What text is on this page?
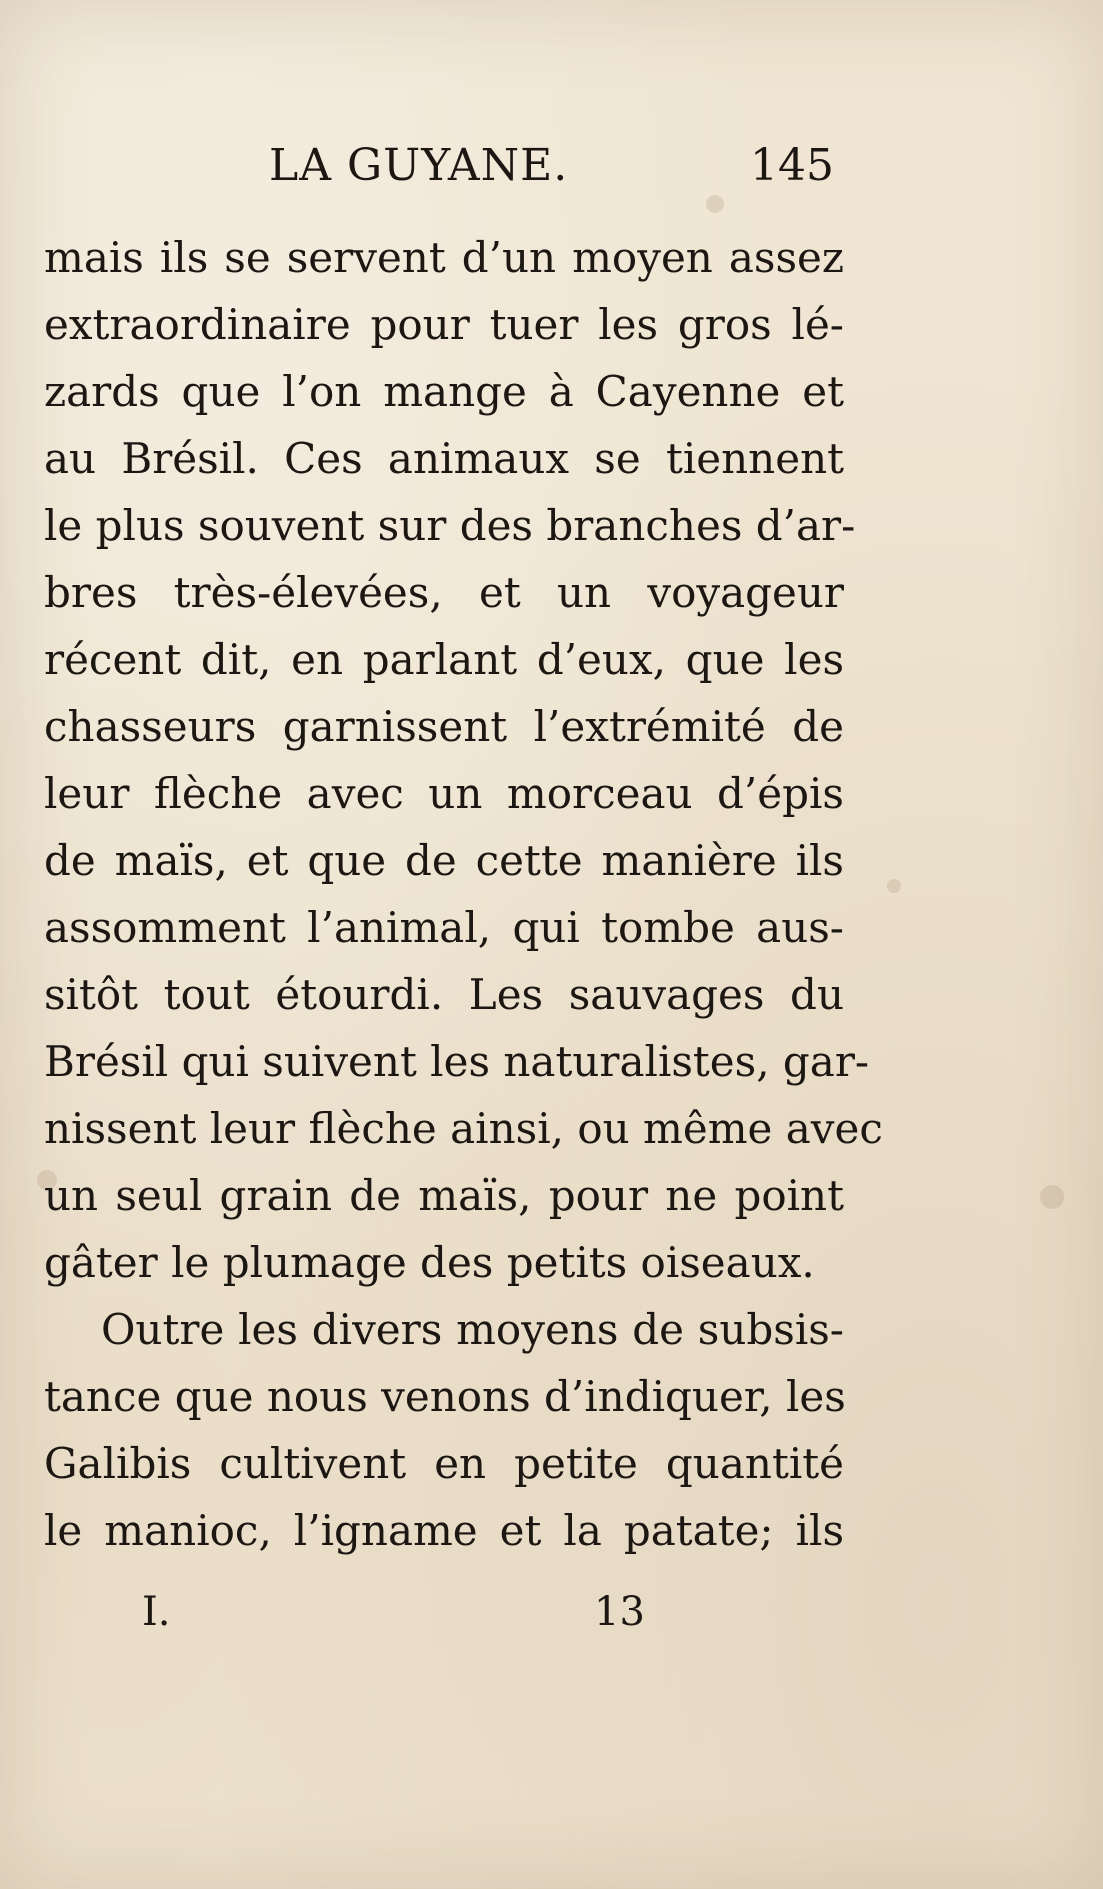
LA GUYANE.	145
mais ils se servent d’un moyen assez
extraordinaire pour tuer les gros lé-
zards que l’on mange à Cayenne et
au Brésil. Ces animaux se tiennent
le plus souvent sur des branches d’ar-
bres très-élevées, et un voyageur
récent dit, en parlant d’eux, que les
chasseurs garnissent l’extrémité de
leur flèche avec un morceau d’épis
de maïs, et que de cette manière ils
assomment l’animal, qui tombe aus-
sitôt tout étourdi. Les sauvages du
Brésil qui suivent les naturalistes, gar-
nissent leur flèche ainsi, ou même avec
un seul grain de maïs, pour ne point
gâter le plumage des petits oiseaux.
Outre les divers moyens de subsis-
tance que nous venons d’indiquer, les
Galibis cultivent en petite quantité
le manioc, l’igname et la patate; ils
I.	13
